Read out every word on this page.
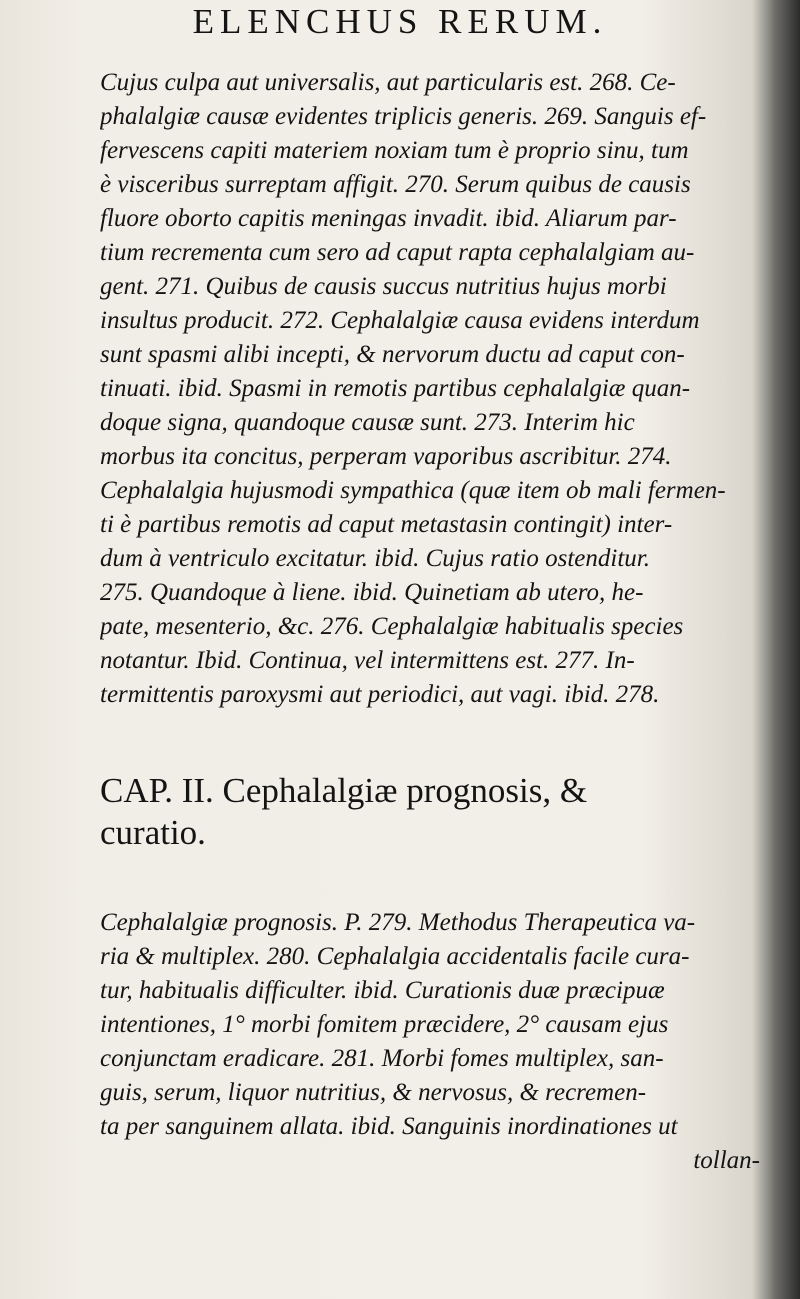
ELENCHUS RERUM.
Cujus culpa aut universalis, aut particularis est. 268. Ce-
phalalgiæ causæ evidentes triplicis generis. 269. Sanguis ef-
fervescens capiti materiem noxiam tum è proprio sinu, tum
è visceribus surreptam affigit. 270. Serum quibus de causis
fluore oborto capitis meningas invadit. ibid. Aliarum par-
tium recrementa cum sero ad caput rapta cephalalgiam au-
gent. 271. Quibus de causis succus nutritius hujus morbi
insultus producit. 272. Cephalalgiæ causa evidens interdum
sunt spasmi alibi incepti, & nervorum ductu ad caput con-
tinuati. ibid. Spasmi in remotis partibus cephalalgiæ quan-
doque signa, quandoque causæ sunt. 273. Interim hic
morbus ita concitus, perperam vaporibus ascribitur. 274.
Cephalalgia hujusmodi sympathica (quæ item ob mali fermen-
ti è partibus remotis ad caput metastasin contingit) inter-
dum à ventriculo excitatur. ibid. Cujus ratio ostenditur.
275. Quandoque à liene. ibid. Quinetiam ab utero, he-
pate, mesenterio, &c. 276. Cephalalgiæ habitualis species
notantur. Ibid. Continua, vel intermittens est. 277. In-
termittentis paroxysmi aut periodici, aut vagi. ibid. 278.
CAP. II. Cephalalgiæ prognosis, &
curatio.
Cephalalgiæ prognosis. P. 279. Methodus Therapeutica va-
ria & multiplex. 280. Cephalalgia accidentalis facile cura-
tur, habitualis difficulter. ibid. Curationis duæ præcipuæ
intentiones, 1° morbi fomitem præcidere, 2° causam ejus
conjunctam eradicare. 281. Morbi fomes multiplex, san-
guis, serum, liquor nutritius, & nervosus, & recremen-
ta per sanguinem allata. ibid. Sanguinis inordinationes ut
tollan-
